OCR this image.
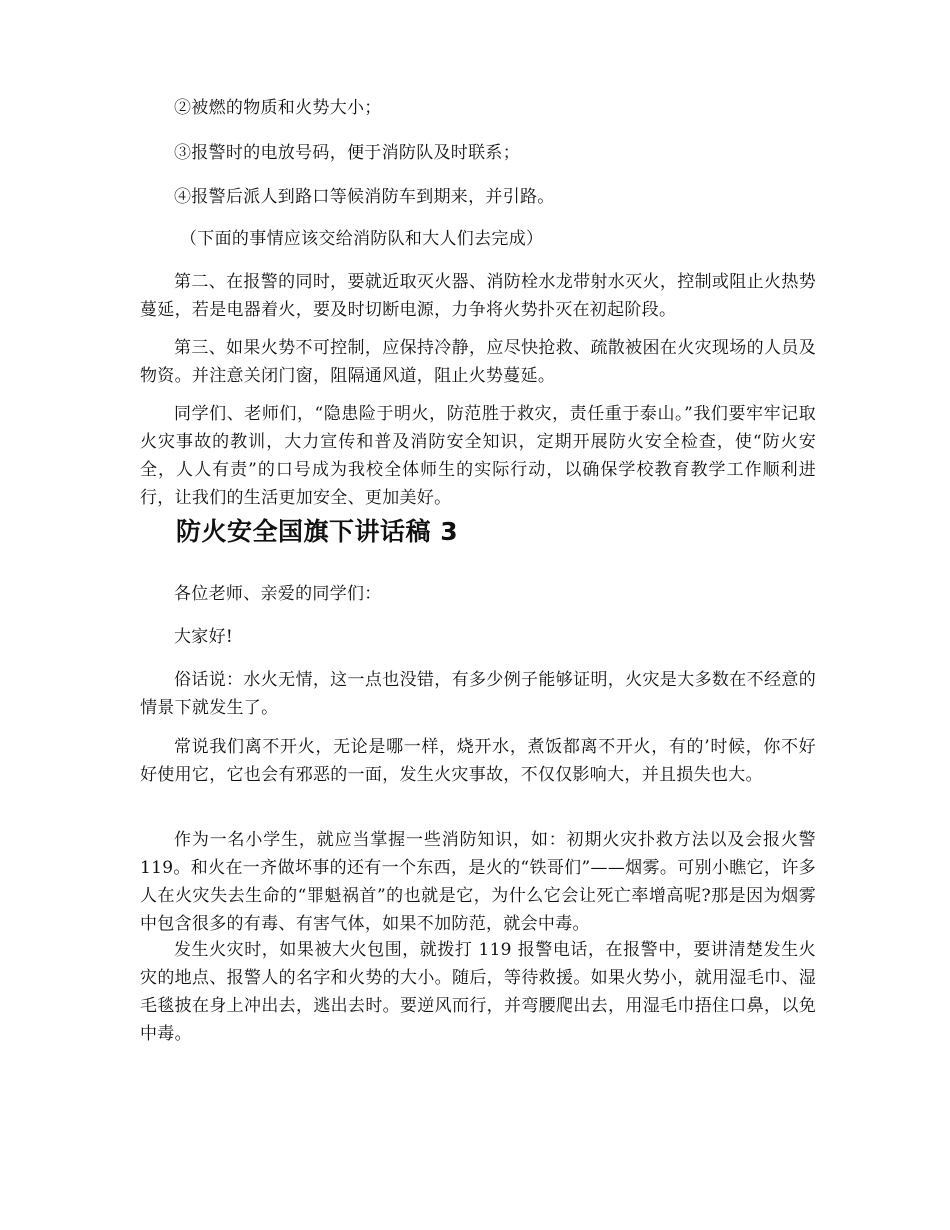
②被燃的物质和火势大小；

③报警时的电放号码，便于消防队及时联系；

④报警后派人到路口等候消防车到期来，并引路。

（下面的事情应该交给消防队和大人们去完成）

第二、在报警的同时，要就近取灭火器、消防栓水龙带射水灭火，控制或阻止火热势蔓延，若是电器着火，要及时切断电源，力争将火势扑灭在初起阶段。

第三、如果火势不可控制，应保持冷静，应尽快抢救、疏散被困在火灾现场的人员及物资。并注意关闭门窗，阻隔通风道，阻止火势蔓延。

同学们、老师们，“隐患险于明火，防范胜于救灾，责任重于泰山。”我们要牢牢记取火灾事故的教训，大力宣传和普及消防安全知识，定期开展防火安全检查，使“防火安全，人人有责”的口号成为我校全体师生的实际行动，以确保学校教育教学工作顺利进行，让我们的生活更加安全、更加美好。

防火安全国旗下讲话稿 3

各位老师、亲爱的同学们：

大家好!

俗话说：水火无情，这一点也没错，有多少例子能够证明，火灾是大多数在不经意的情景下就发生了。

常说我们离不开火，无论是哪一样，烧开水，煮饭都离不开火，有的’时候，你不好好使用它，它也会有邪恶的一面，发生火灾事故，不仅仅影响大，并且损失也大。

作为一名小学生，就应当掌握一些消防知识，如：初期火灾扑救方法以及会报火警 119。和火在一齐做坏事的还有一个东西，是火的“铁哥们”——烟雾。可别小瞧它，许多人在火灾失去生命的“罪魁祸首”的也就是它，为什么它会让死亡率增高呢?那是因为烟雾中包含很多的有毒、有害气体，如果不加防范，就会中毒。

发生火灾时，如果被大火包围，就拨打 119 报警电话，在报警中，要讲清楚发生火灾的地点、报警人的名字和火势的大小。随后，等待救援。如果火势小，就用湿毛巾、湿毛毯披在身上冲出去，逃出去时。要逆风而行，并弯腰爬出去，用湿毛巾捂住口鼻，以免中毒。
